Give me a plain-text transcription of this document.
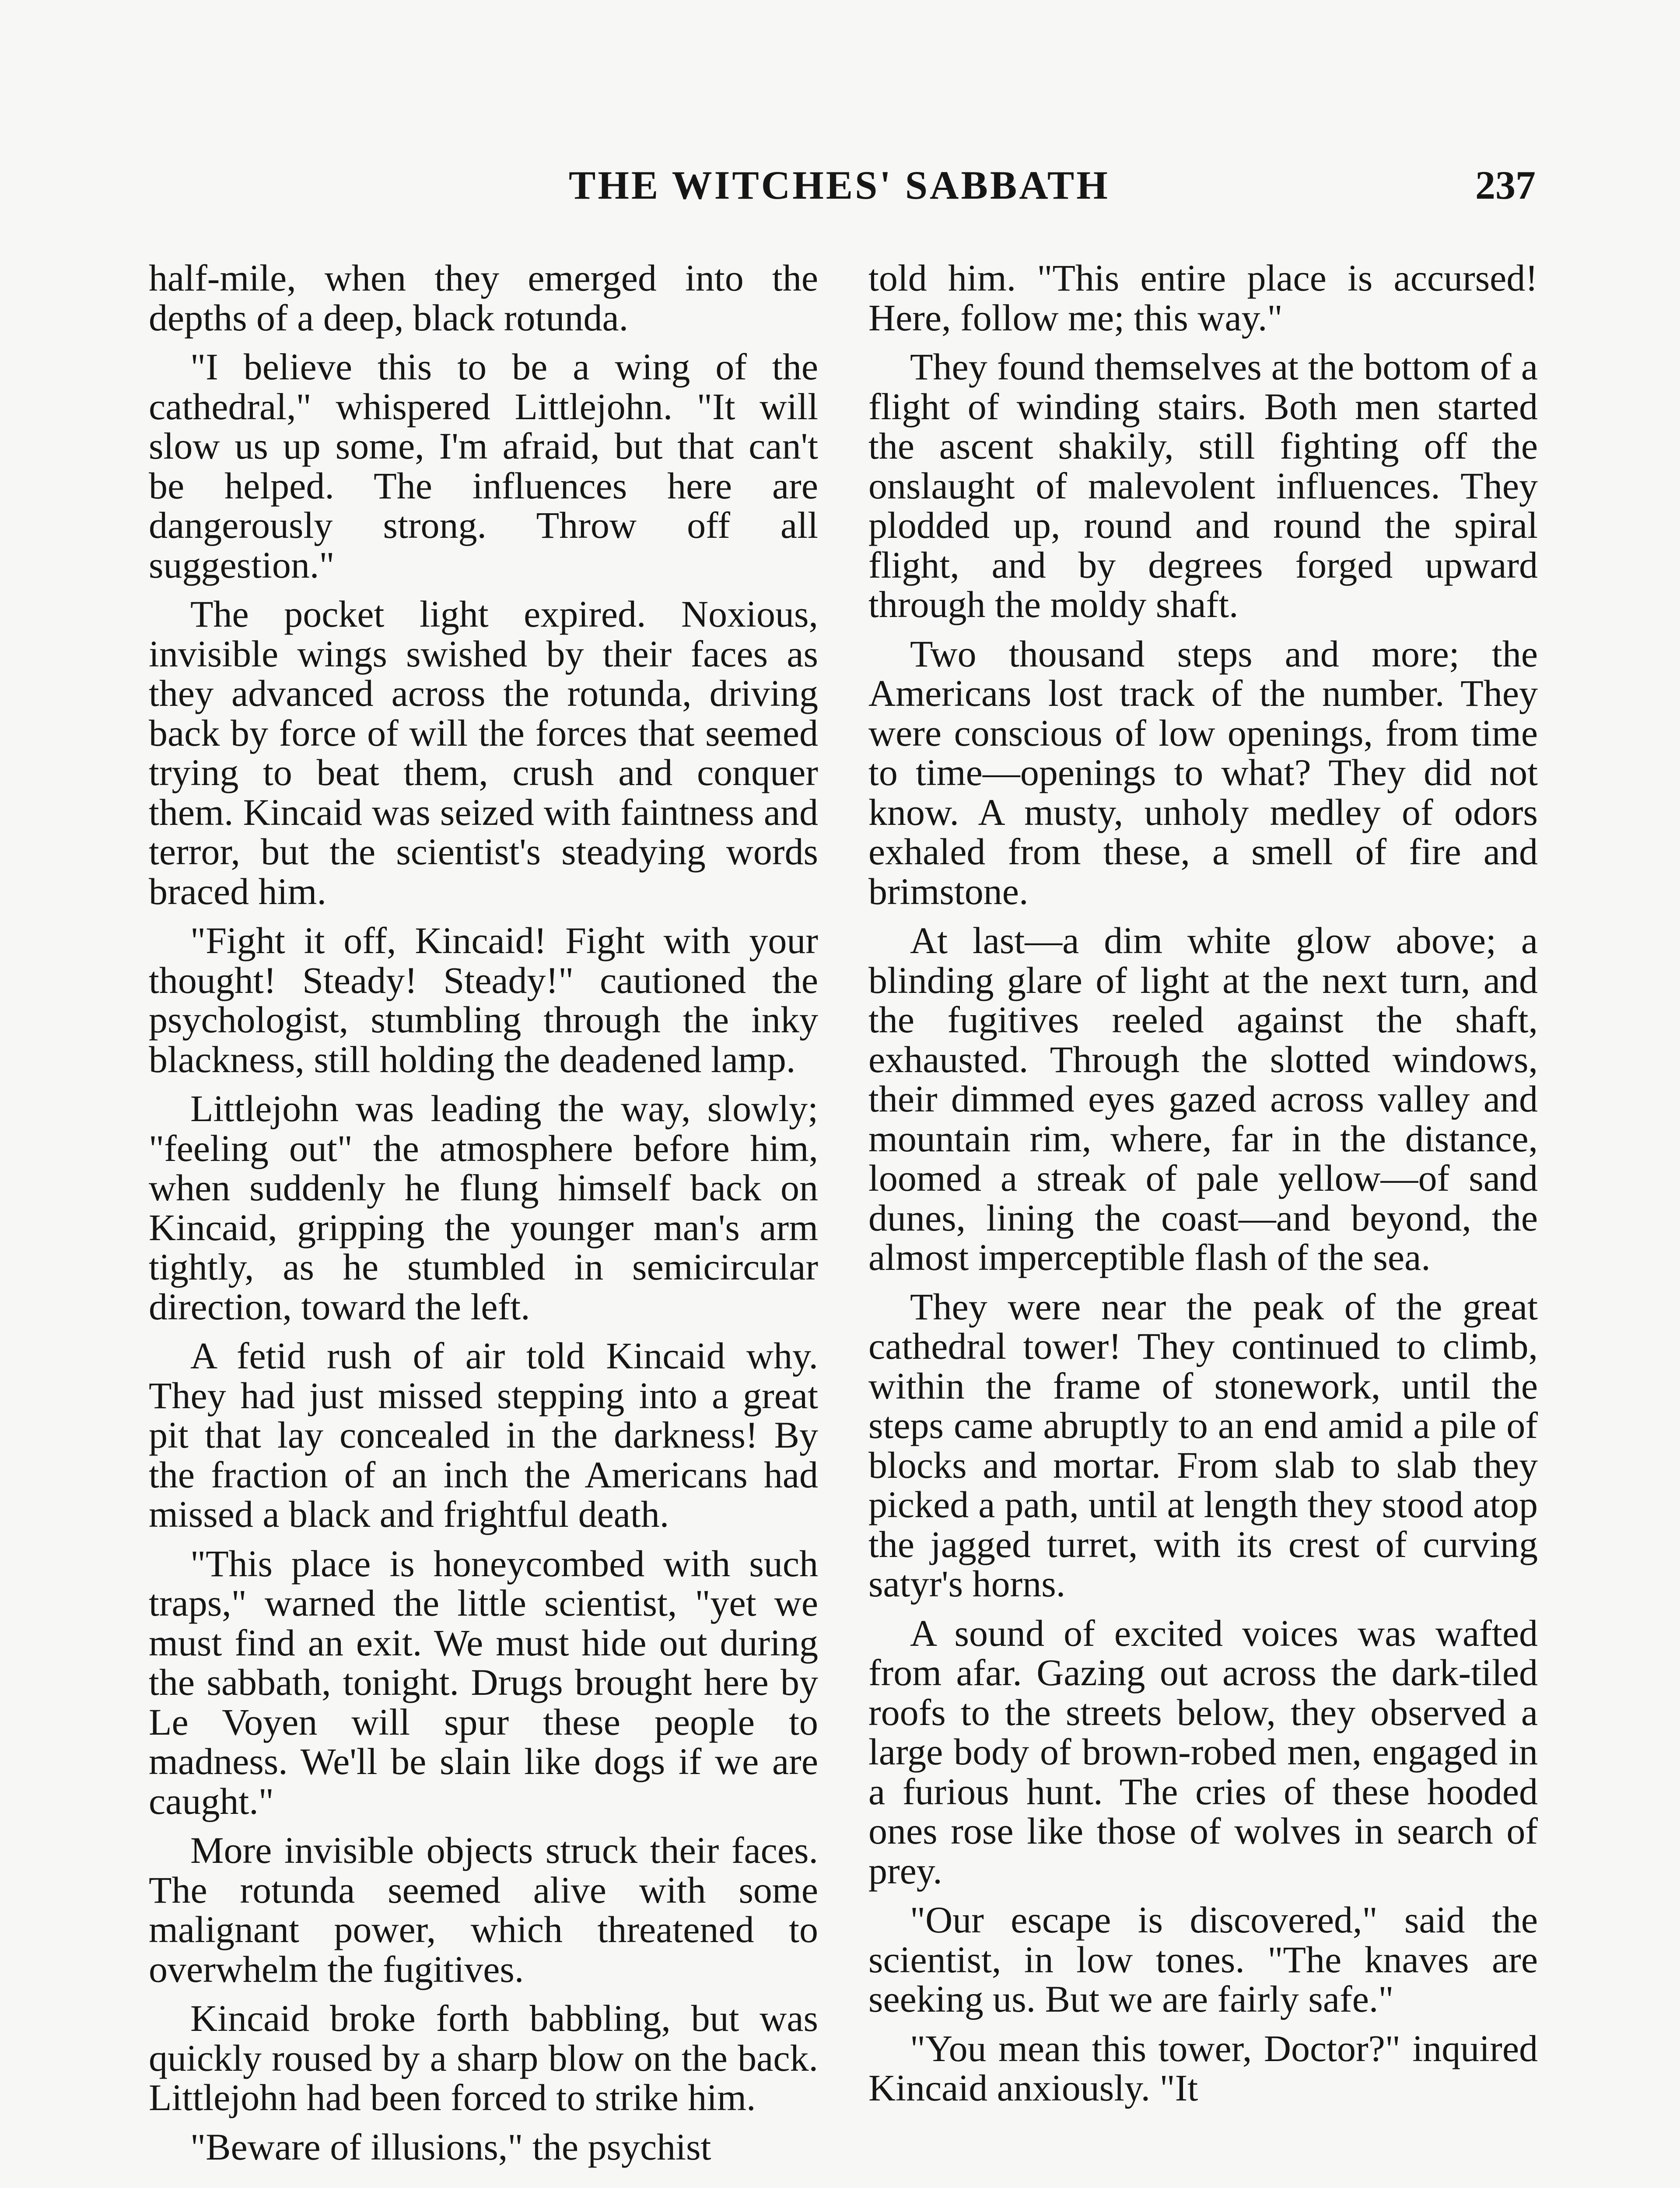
THE WITCHES' SABBATH	237

half-mile, when they emerged into the depths of a deep, black rotunda.

"I believe this to be a wing of the cathedral," whispered Littlejohn. "It will slow us up some, I'm afraid, but that can't be helped. The influences here are dangerously strong. Throw off all suggestion."

The pocket light expired. Noxious, invisible wings swished by their faces as they advanced across the rotunda, driving back by force of will the forces that seemed trying to beat them, crush and conquer them. Kincaid was seized with faintness and terror, but the scientist's steadying words braced him.

"Fight it off, Kincaid! Fight with your thought! Steady! Steady!" cautioned the psychologist, stumbling through the inky blackness, still holding the deadened lamp.

Littlejohn was leading the way, slowly; "feeling out" the atmosphere before him, when suddenly he flung himself back on Kincaid, gripping the younger man's arm tightly, as he stumbled in semicircular direction, toward the left.

A fetid rush of air told Kincaid why. They had just missed stepping into a great pit that lay concealed in the darkness! By the fraction of an inch the Americans had missed a black and frightful death.

"This place is honeycombed with such traps," warned the little scientist, "yet we must find an exit. We must hide out during the sabbath, tonight. Drugs brought here by Le Voyen will spur these people to madness. We'll be slain like dogs if we are caught."

More invisible objects struck their faces. The rotunda seemed alive with some malignant power, which threatened to overwhelm the fugitives.

Kincaid broke forth babbling, but was quickly roused by a sharp blow on the back. Littlejohn had been forced to strike him.

"Beware of illusions," the psychist

told him. "This entire place is accursed! Here, follow me; this way."

They found themselves at the bottom of a flight of winding stairs. Both men started the ascent shakily, still fighting off the onslaught of malevolent influences. They plodded up, round and round the spiral flight, and by degrees forged upward through the moldy shaft.

Two thousand steps and more; the Americans lost track of the number. They were conscious of low openings, from time to time—openings to what? They did not know. A musty, unholy medley of odors exhaled from these, a smell of fire and brimstone.

At last—a dim white glow above; a blinding glare of light at the next turn, and the fugitives reeled against the shaft, exhausted. Through the slotted windows, their dimmed eyes gazed across valley and mountain rim, where, far in the distance, loomed a streak of pale yellow—of sand dunes, lining the coast—and beyond, the almost imperceptible flash of the sea.

They were near the peak of the great cathedral tower! They continued to climb, within the frame of stonework, until the steps came abruptly to an end amid a pile of blocks and mortar. From slab to slab they picked a path, until at length they stood atop the jagged turret, with its crest of curving satyr's horns.

A sound of excited voices was wafted from afar. Gazing out across the dark-tiled roofs to the streets below, they observed a large body of brown-robed men, engaged in a furious hunt. The cries of these hooded ones rose like those of wolves in search of prey.

"Our escape is discovered," said the scientist, in low tones. "The knaves are seeking us. But we are fairly safe."

"You mean this tower, Doctor?" inquired Kincaid anxiously. "It
